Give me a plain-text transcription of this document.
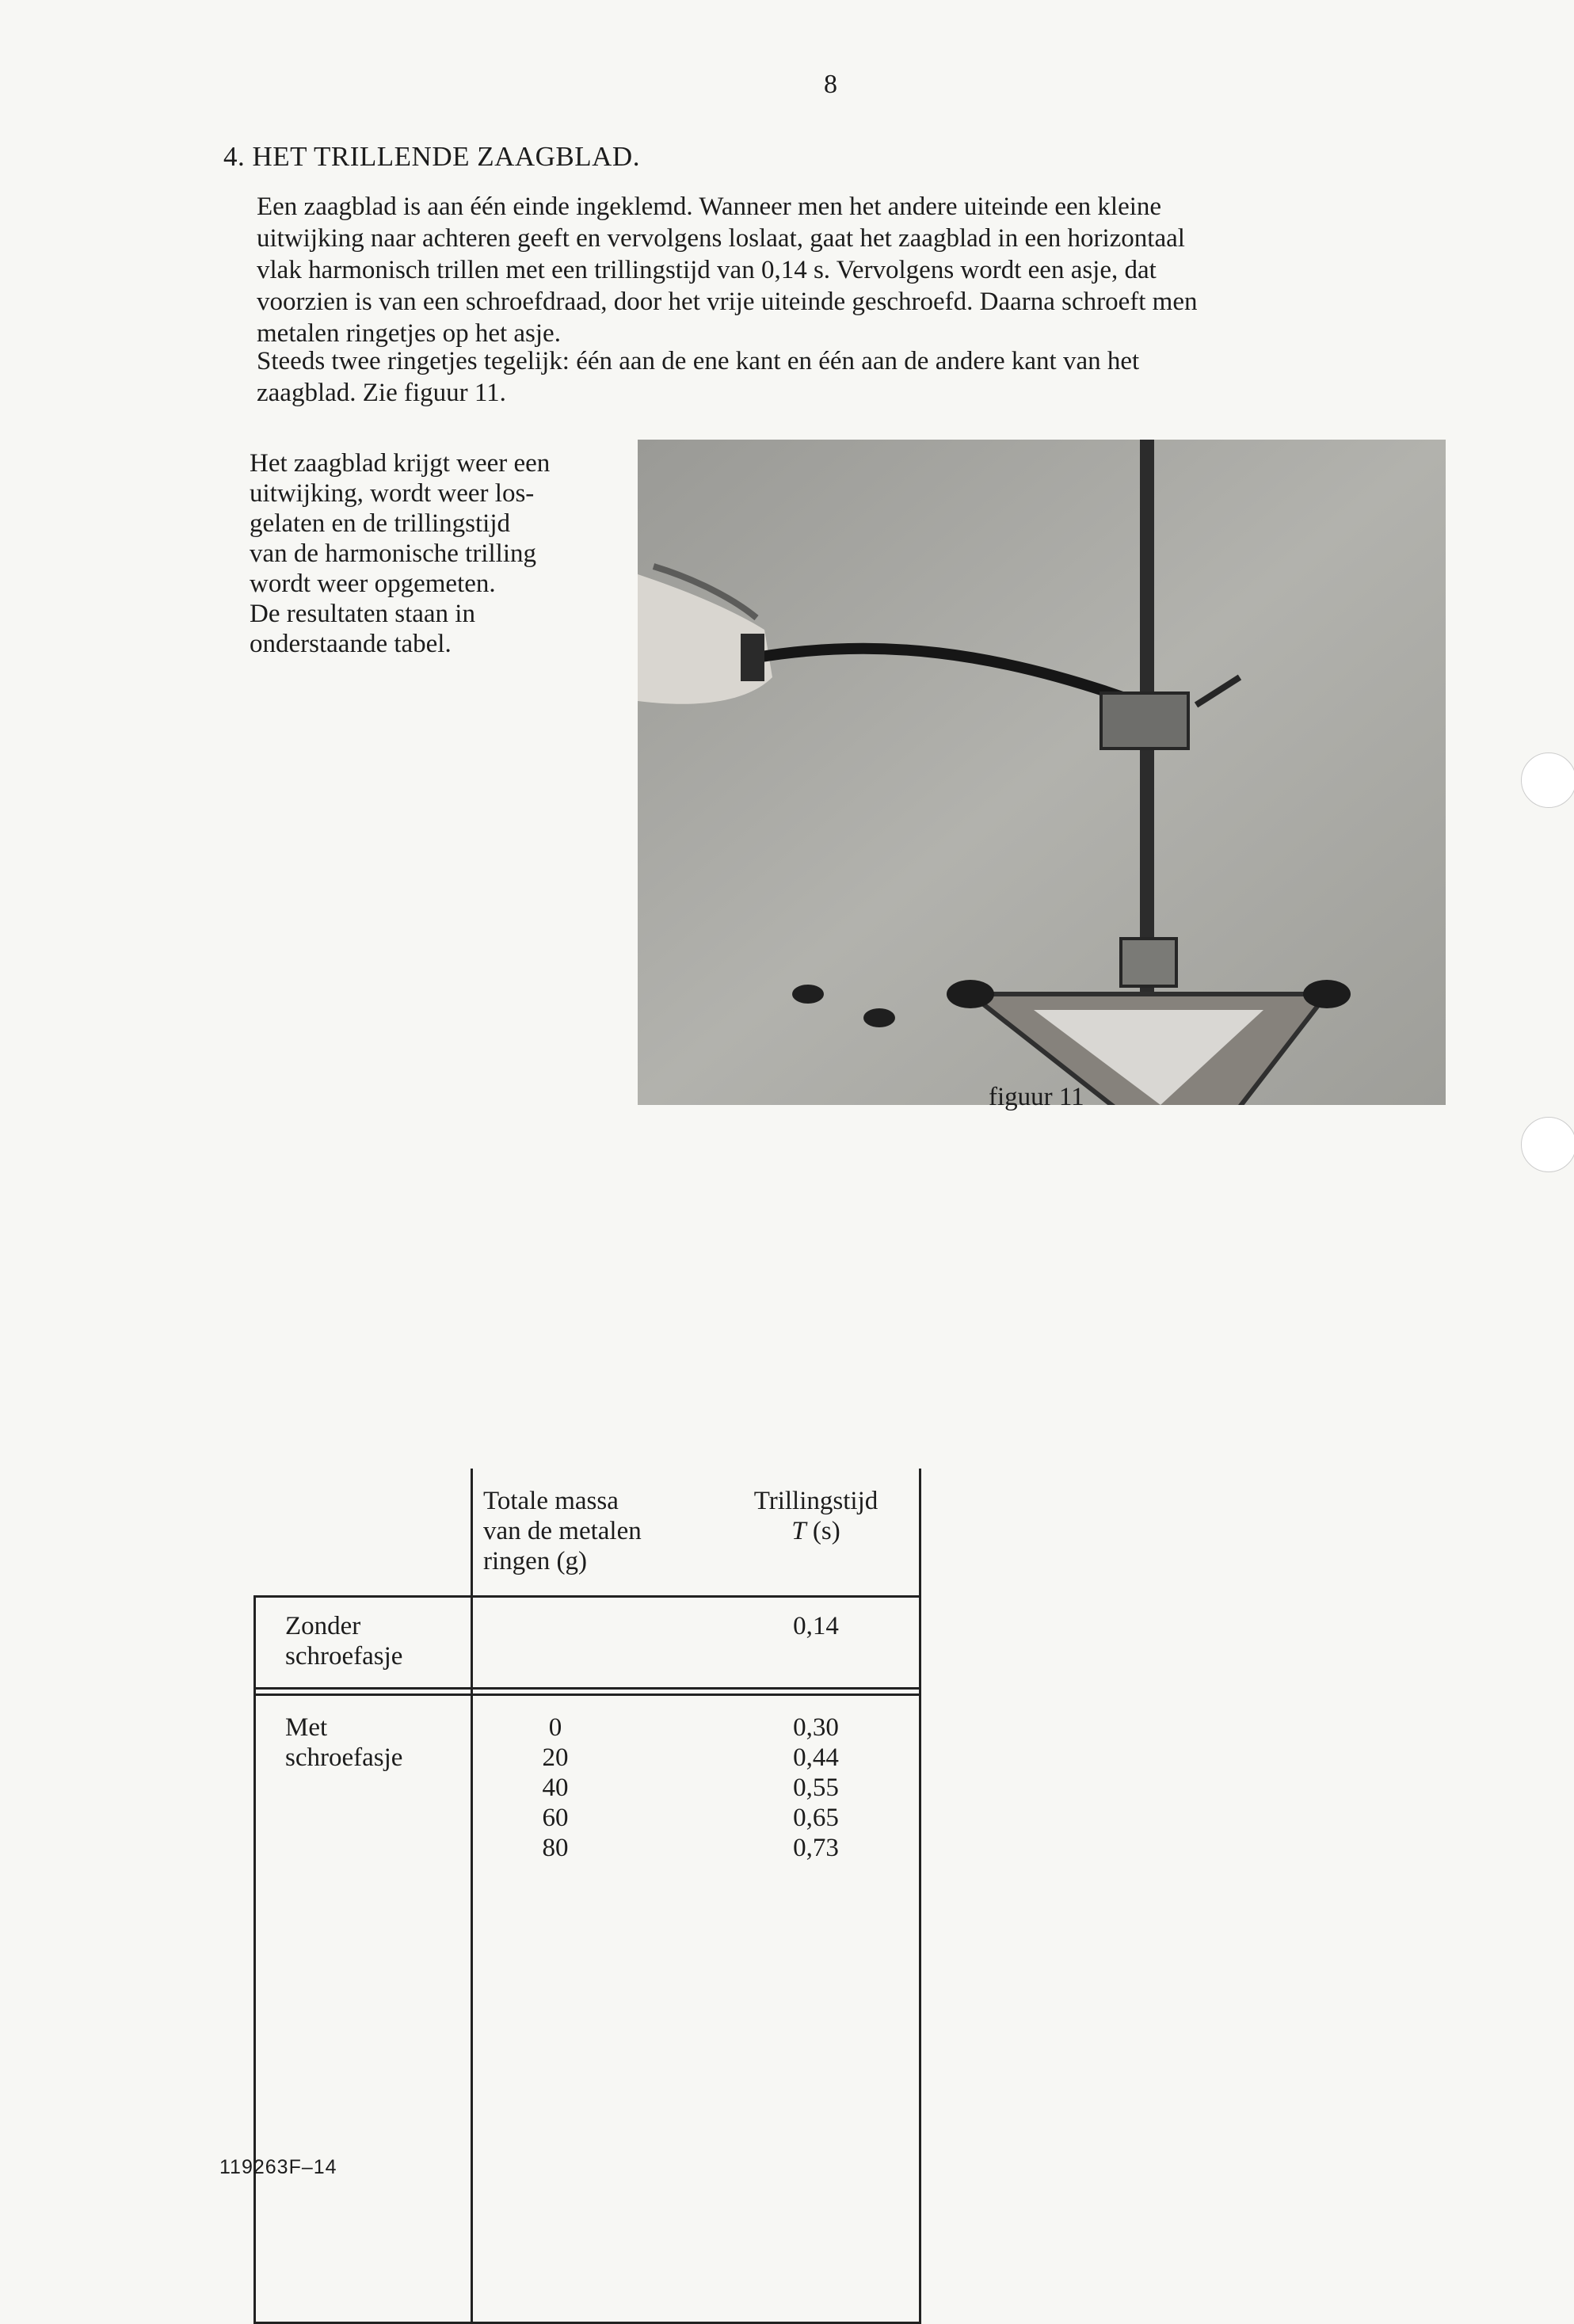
8
4. HET TRILLENDE ZAAGBLAD.
Een zaagblad is aan één einde ingeklemd. Wanneer men het andere uiteinde een kleine
uitwijking naar achteren geeft en vervolgens loslaat, gaat het zaagblad in een horizontaal
vlak harmonisch trillen met een trillingstijd van 0,14 s. Vervolgens wordt een asje, dat
voorzien is van een schroefdraad, door het vrije uiteinde geschroefd. Daarna schroeft men
metalen ringetjes op het asje.
Steeds twee ringetjes tegelijk: één aan de ene kant en één aan de andere kant van het
zaagblad. Zie figuur 11.
Het zaagblad krijgt weer een
uitwijking, wordt weer los-
gelaten en de trillingstijd
van de harmonische trilling
wordt weer opgemeten.
De resultaten staan in
onderstaande tabel.
figuur 11
Totale massa
van de metalen
ringen (g)
Trillingstijd
T (s)
Zonder
schroefasje
0,14
Met
schroefasje
0
20
40
60
80
0,30
0,44
0,55
0,65
0,73
119263F–14
